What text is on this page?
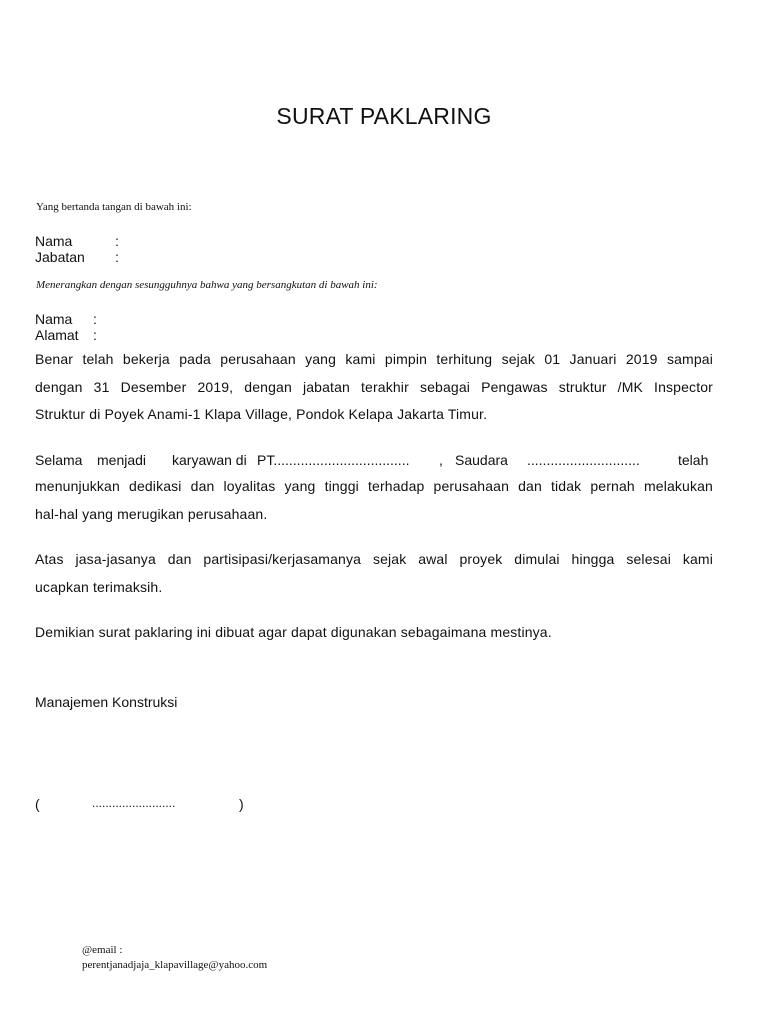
SURAT PAKLARING
Yang bertanda tangan di bawah ini:
Nama	:
Jabatan :
Menerangkan dengan sesungguhnya bahwa yang bersangkutan di bawah ini:
Nama :
Alamat :
Benar telah bekerja pada perusahaan yang kami pimpin terhitung sejak 01 Januari 2019 sampai
dengan 31 Desember 2019, dengan jabatan terakhir sebagai Pengawas struktur /MK Inspector
Struktur di Poyek Anami-1 Klapa Village, Pondok Kelapa Jakarta Timur.
Selama menjadi karyawan di PT................................... , Saudara .............................	telah
menunjukkan dedikasi dan loyalitas yang tinggi terhadap perusahaan dan tidak pernah melakukan
hal-hal yang merugikan perusahaan.
Atas jasa-jasanya dan partisipasi/kerjasamanya sejak awal proyek dimulai hingga selesai kami
ucapkan terimaksih.
Demikian surat paklaring ini dibuat agar dapat digunakan sebagaimana mestinya.
Manajemen Konstruksi
(	.........................	)
@email :
perentjanadjaja_klapavillage@yahoo.com
